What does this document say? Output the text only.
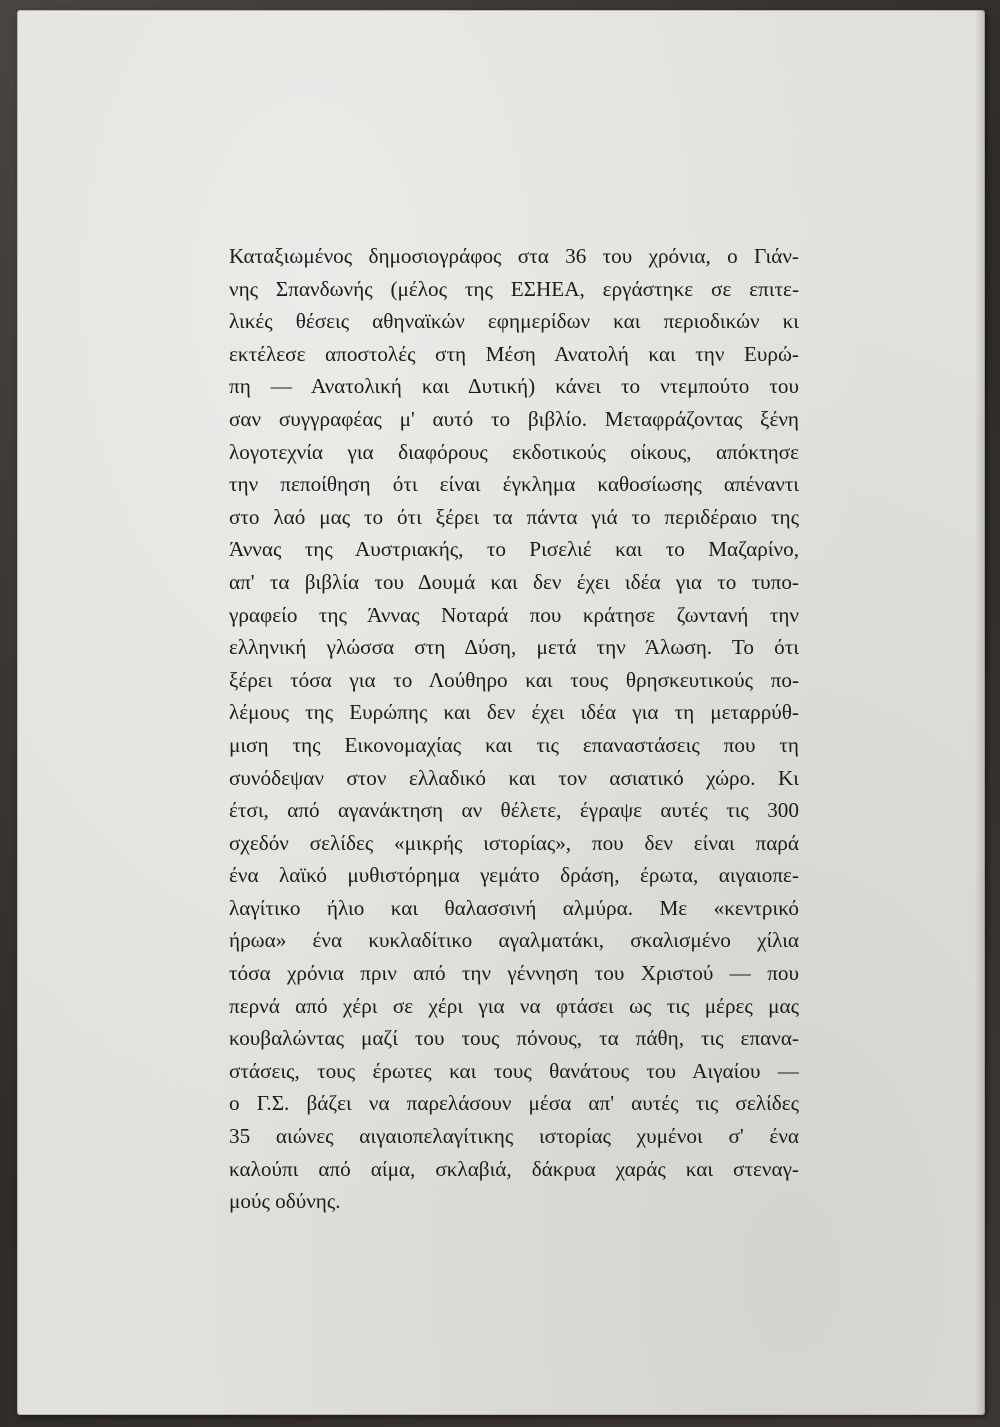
Καταξιωμένος δημοσιογράφος στα 36 του χρόνια, ο Γιάν-
νης Σπανδωνής (μέλος της ΕΣΗΕΑ, εργάστηκε σε επιτε-
λικές θέσεις αθηναϊκών εφημερίδων και περιοδικών κι
εκτέλεσε αποστολές στη Μέση Ανατολή και την Ευρώ-
πη — Ανατολική και Δυτική) κάνει το ντεμπούτο του
σαν συγγραφέας μ' αυτό το βιβλίο. Μεταφράζοντας ξένη
λογοτεχνία για διαφόρους εκδοτικούς οίκους, απόκτησε
την πεποίθηση ότι είναι έγκλημα καθοσίωσης απέναντι
στο λαό μας το ότι ξέρει τα πάντα γιά το περιδέραιο της
Άννας της Αυστριακής, το Ρισελιέ και το Μαζαρίνο,
απ' τα βιβλία του Δουμά και δεν έχει ιδέα για το τυπο-
γραφείο της Άννας Νοταρά που κράτησε ζωντανή την
ελληνική γλώσσα στη Δύση, μετά την Άλωση. Το ότι
ξέρει τόσα για το Λούθηρο και τους θρησκευτικούς πο-
λέμους της Ευρώπης και δεν έχει ιδέα για τη μεταρρύθ-
μιση της Εικονομαχίας και τις επαναστάσεις που τη
συνόδεψαν στον ελλαδικό και τον ασιατικό χώρο. Κι
έτσι, από αγανάκτηση αν θέλετε, έγραψε αυτές τις 300
σχεδόν σελίδες «μικρής ιστορίας», που δεν είναι παρά
ένα λαϊκό μυθιστόρημα γεμάτο δράση, έρωτα, αιγαιοπε-
λαγίτικο ήλιο και θαλασσινή αλμύρα. Με «κεντρικό
ήρωα» ένα κυκλαδίτικο αγαλματάκι, σκαλισμένο χίλια
τόσα χρόνια πριν από την γέννηση του Χριστού — που
περνά από χέρι σε χέρι για να φτάσει ως τις μέρες μας
κουβαλώντας μαζί του τους πόνους, τα πάθη, τις επανα-
στάσεις, τους έρωτες και τους θανάτους του Αιγαίου —
ο Γ.Σ. βάζει να παρελάσουν μέσα απ' αυτές τις σελίδες
35 αιώνες αιγαιοπελαγίτικης ιστορίας χυμένοι σ' ένα
καλούπι από αίμα, σκλαβιά, δάκρυα χαράς και στεναγ-
μούς οδύνης.
